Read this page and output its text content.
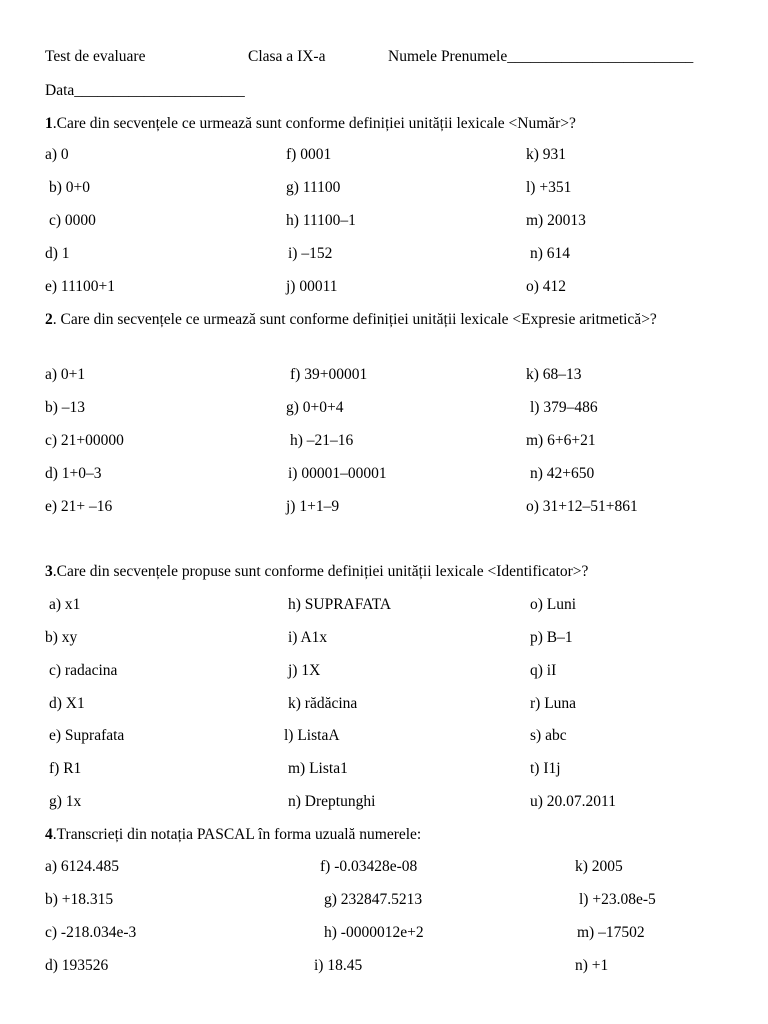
Test de evaluare	Clasa a IX-a	Numele Prenumele________________________
Data______________________
1.Care din secvențele ce urmează sunt conforme definiției unității lexicale <Număr>?
a) 0	f) 0001	k) 931
b) 0+0	g) 11100	l) +351
c) 0000	h) 11100–1	m) 20013
d) 1	i) –152	n) 614
e) 11100+1	j) 00011	o) 412
2. Care din secvențele ce urmează sunt conforme definiției unității lexicale <Expresie aritmetică>?
a) 0+1	f) 39+00001	k) 68–13
b) –13	g) 0+0+4	l) 379–486
c) 21+00000	h) –21–16	m) 6+6+21
d) 1+0–3	i) 00001–00001	n) 42+650
e) 21+ –16	j) 1+1–9	o) 31+12–51+861
3.Care din secvențele propuse sunt conforme definiției unității lexicale <Identificator>?
a) x1	h) SUPRAFATA	o) Luni
b) xy	i) A1x	p) B–1
c) radacina	j) 1X	q) iI
d) X1	k) rădăcina	r) Luna
e) Suprafata	l) ListaA	s) abc
f) R1	m) Lista1	t) I1j
g) 1x	n) Dreptunghi	u) 20.07.2011
4.Transcrieți din notația PASCAL în forma uzuală numerele:
a) 6124.485	f) -0.03428e-08	k) 2005
b) +18.315	g) 232847.5213	l) +23.08e-5
c) -218.034e-3	h) -0000012e+2	m) –17502
d) 193526	i) 18.45	n) +1
